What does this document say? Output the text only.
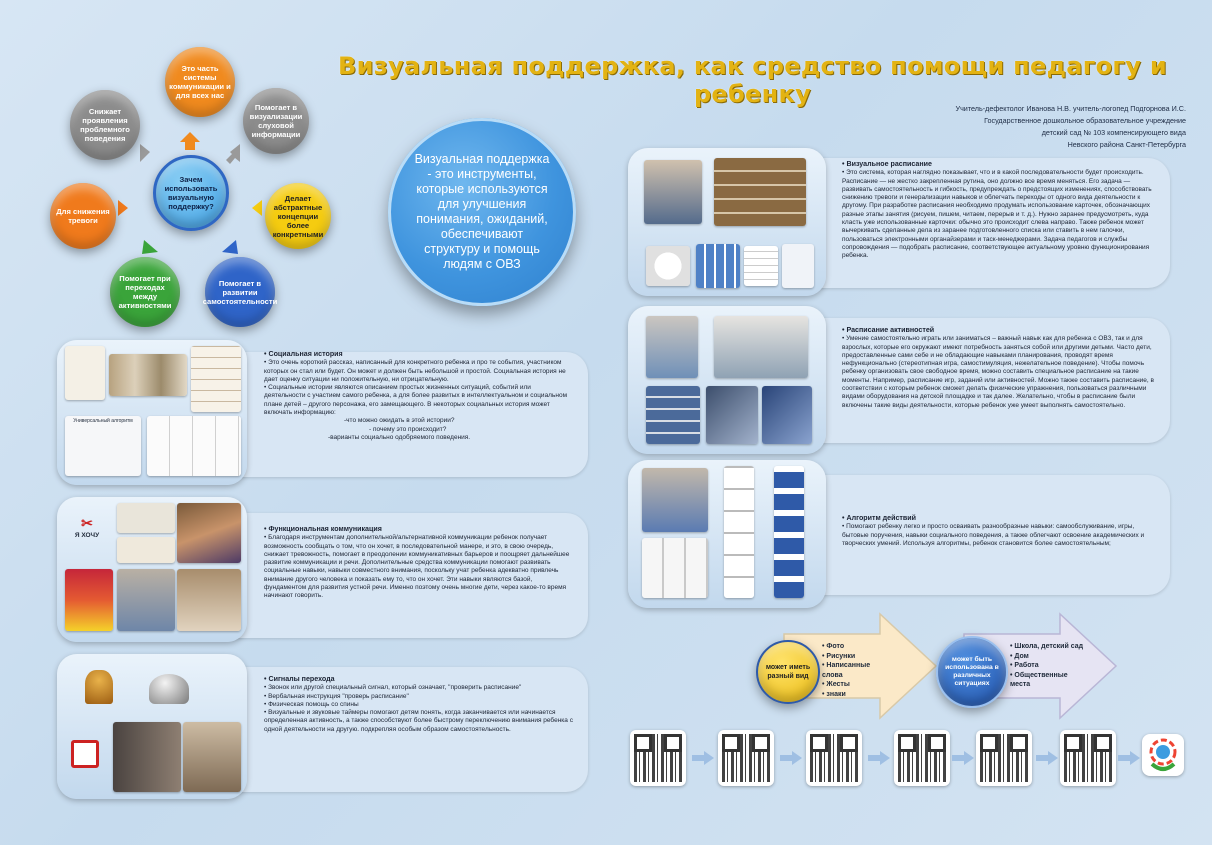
Визуальная поддержка, как средство помощи педагогу и ребенку
Учитель-дефектолог Иванова Н.В. учитель-логопед Подгорнова И.С.
Государственное дошкольное образовательное учреждение
детский сад № 103 компенсирующего вида
Невского района Санкт-Петербурга
Зачем использовать визуальную поддержку?
Это часть системы коммуникации и для всех нас
Помогает в визуализации слуховой информации
Делает абстрактные концепции более конкретными
Помогает в развитии самостоятельности
Помогает при переходах между активностями
Для снижения тревоги
Снижает проявления проблемного поведения
Визуальная поддержка - это инструменты, которые используются для улучшения понимания, ожиданий, обеспечивают структуру и помощь людям с ОВЗ
Универсальный алгоритм
• Социальная история
• Это очень короткий рассказ, написанный для конкретного ребенка и про те события, участником которых он стал или будет. Он может и должен быть небольшой и простой. Социальная история не дает оценку ситуации ни положительную, ни отрицательную.
• Социальные истории являются описанием простых жизненных ситуаций, событий или деятельности с участием самого ребенка, а для более развитых в интеллектуальном и социальном плане детей – другого персонажа, его замещающего. В некоторых социальных история может включать информацию:
-что можно ожидать в этой истории?
- почему это происходит?
-варианты социально одобряемого поведения.
✂
Я ХОЧУ
• Функциональная коммуникация
• Благодаря инструментам дополнительной/альтернативной коммуникации ребенок получает возможность сообщать о том, что он хочет, в последовательной манере, и это, в свою очередь, снижает тревожность, помогает в преодолении коммуникативных барьеров и поощряет дальнейшее развитие коммуникации и речи. Дополнительные средства коммуникации помогают развивать социальные навыки, навыки совместного внимания, поскольку учат ребенка адекватно привлечь внимание другого человека и показать ему то, что он хочет. Эти навыки являются базой, фундаментом для развития устной речи. Именно поэтому очень многие дети, через какое-то время начинают говорить.
• Сигналы перехода
• Звонок или другой специальный сигнал, который означает, "проверить расписание"
• Вербальная инструкция "проверь расписание"
• Физическая помощь со спины
• Визуальные и звуковые таймеры помогают детям понять, когда заканчивается или начинается определенная активность, а также способствуют более быстрому переключению внимания ребенка с одной деятельности на другую. подкрепляя особым образом самостоятельность.
• Визуальное расписание
• Это система, которая наглядно показывает, что и в какой последовательности будет происходить. Расписание — не жестко закрепленная рутина, оно должно все время меняться. Его задача — развивать самостоятельность и гибкость, предупреждать о предстоящих изменениях, способствовать снижению тревоги и генерализации навыков и облегчать переходы от одного вида деятельности к другому. При разработке расписания необходимо продумать использование карточек, обозначающих разные этапы занятия (рисуем, пишем, читаем, перерыв и т. д.). Нужно заранее предусмотреть, куда класть уже использованные карточки: обычно это происходит слева направо. Также ребенок может вычеркивать сделанные дела из заранее подготовленного списка или ставить в нем галочки, пользоваться электронными органайзерами и таск-менеджерами. Задача педагогов и службы сопровождения — подобрать расписание, соответствующее актуальному уровню функционирования ребенка.
• Расписание активностей
• Умение самостоятельно играть или заниматься – важный навык как для ребенка с ОВЗ, так и для взрослых, которые его окружают имеют потребность заняться собой или другими детьми. Часто дети, предоставленные сами себе и не обладающие навыками планирования, проводят время нефункционально (стереотипная игра, самостимуляция, нежелательное поведение). Чтобы помочь ребенку организовать свое свободное время, можно составить специальное расписание на такие моменты. Например, расписание игр, заданий или активностей. Можно также составить расписание, в соответствии с которым ребенок сможет делать физические упражнения, пользоваться различными видами оборудования на детской площадке и так далее. Желательно, чтобы в расписание были включены такие виды деятельности, которые ребенок уже умеет выполнять самостоятельно.
• Алгоритм действий
• Помогают ребенку легко и просто осваивать разнообразные навыки: самообслуживание, игры, бытовые поручения, навыки социального поведения, а также облегчают освоение академических и творческих умений. Используя алгоритмы, ребенок становится более самостоятельным;
может иметь разный вид
• Фото
• Рисунки
• Написанные слова
• Жесты
• знаки
может быть использована в различных ситуациях
• Школа, детский сад
• Дом
• Работа
• Общественные места
